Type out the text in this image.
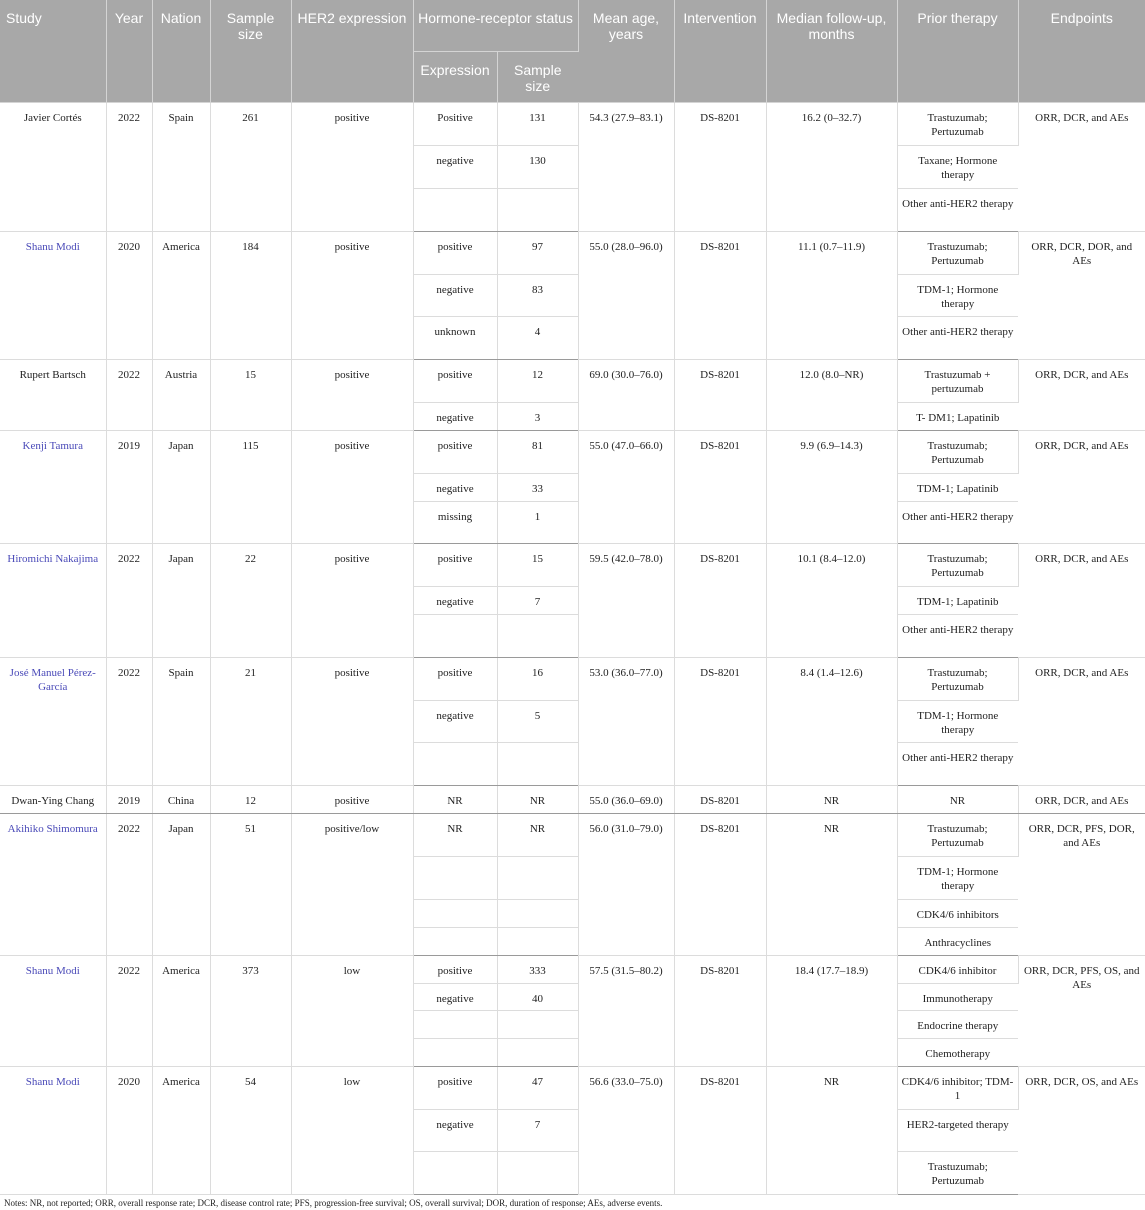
Study	Year	Nation	Sample size	HER2 expression	Hormone-receptor status		Mean age, years	Intervention	Median follow-up, months	Prior therapy	Endpoints
					Expression	Sample size					
Javier Cortés	2022	Spain	261	positive	Positive	131	54.3 (27.9–83.1)	DS-8201	16.2 (0–32.7)	Trastuzumab; Pertuzumab	ORR, DCR, and AEs
					negative	130				Taxane; Hormone therapy	
										Other anti-HER2 therapy	
Shanu Modi	2020	America	184	positive	positive	97	55.0 (28.0–96.0)	DS-8201	11.1 (0.7–11.9)	Trastuzumab; Pertuzumab	ORR, DCR, DOR, and AEs
					negative	83				TDM-1; Hormone therapy	
					unknown	4				Other anti-HER2 therapy	
Rupert Bartsch	2022	Austria	15	positive	positive	12	69.0 (30.0–76.0)	DS-8201	12.0 (8.0–NR)	Trastuzumab + pertuzumab	ORR, DCR, and AEs
					negative	3				T- DM1; Lapatinib	
Kenji Tamura	2019	Japan	115	positive	positive	81	55.0 (47.0–66.0)	DS-8201	9.9 (6.9–14.3)	Trastuzumab; Pertuzumab	ORR, DCR, and AEs
					negative	33				TDM-1; Lapatinib	
					missing	1				Other anti-HER2 therapy	
Hiromichi Nakajima	2022	Japan	22	positive	positive	15	59.5 (42.0–78.0)	DS-8201	10.1 (8.4–12.0)	Trastuzumab; Pertuzumab	ORR, DCR, and AEs
					negative	7				TDM-1; Lapatinib	
										Other anti-HER2 therapy	
José Manuel Pérez-García	2022	Spain	21	positive	positive	16	53.0 (36.0–77.0)	DS-8201	8.4 (1.4–12.6)	Trastuzumab; Pertuzumab	ORR, DCR, and AEs
					negative	5				TDM-1; Hormone therapy	
										Other anti-HER2 therapy	
Dwan-Ying Chang	2019	China	12	positive	NR	NR	55.0 (36.0–69.0)	DS-8201	NR	NR	ORR, DCR, and AEs
Akihiko Shimomura	2022	Japan	51	positive/low	NR	NR	56.0 (31.0–79.0)	DS-8201	NR	Trastuzumab; Pertuzumab	ORR, DCR, PFS, DOR, and AEs
										TDM-1; Hormone therapy	
										CDK4/6 inhibitors	
										Anthracyclines	
Shanu Modi	2022	America	373	low	positive	333	57.5 (31.5–80.2)	DS-8201	18.4 (17.7–18.9)	CDK4/6 inhibitor	ORR, DCR, PFS, OS, and AEs
					negative	40				Immunotherapy	
										Endocrine therapy	
										Chemotherapy	
Shanu Modi	2020	America	54	low	positive	47	56.6 (33.0–75.0)	DS-8201	NR	CDK4/6 inhibitor; TDM-1	ORR, DCR, OS, and AEs
					negative	7				HER2-targeted therapy	
										Trastuzumab; Pertuzumab	
Notes: NR, not reported; ORR, overall response rate; DCR, disease control rate; PFS, progression-free survival; OS, overall survival; DOR, duration of response; AEs, adverse events.
